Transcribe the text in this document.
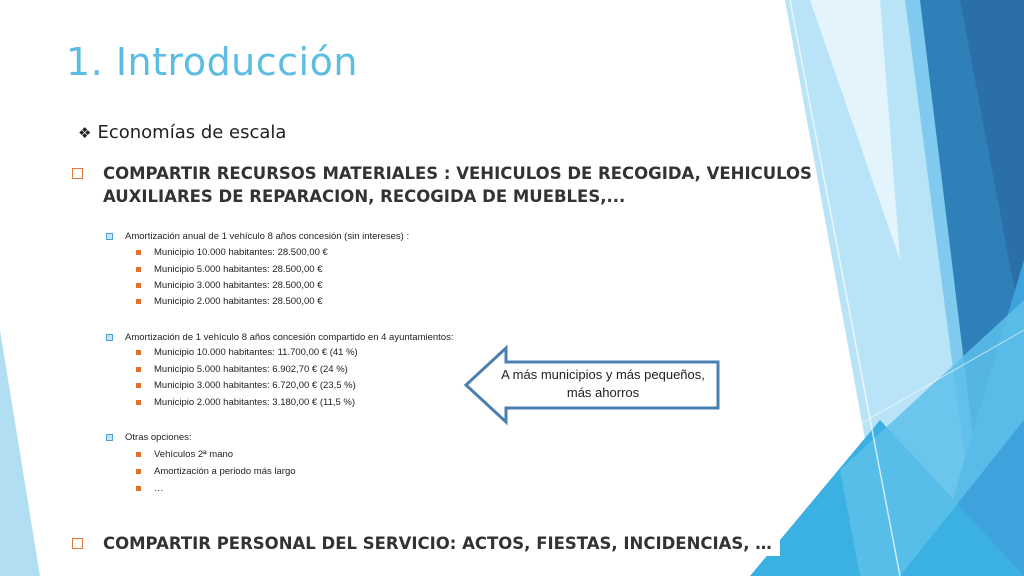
1. Introducción
❖ Economías de escala
COMPARTIR RECURSOS MATERIALES : VEHICULOS DE RECOGIDA, VEHICULOS
AUXILIARES DE REPARACION, RECOGIDA DE MUEBLES,...
Amortización anual de 1 vehículo 8 años concesión (sin intereses) :
Municipio 10.000 habitantes: 28.500,00 €
Municipio 5.000 habitantes: 28.500,00 €
Municipio 3.000 habitantes: 28.500,00 €
Municipio 2.000 habitantes: 28.500,00 €
Amortización de 1 vehículo 8 años concesión compartido en 4 ayuntamientos:
Municipio 10.000 habitantes: 11.700,00 € (41 %)
Municipio 5.000 habitantes: 6.902,70 € (24 %)
Municipio 3.000 habitantes: 6.720,00 € (23,5 %)
Municipio 2.000 habitantes: 3.180,00 € (11,5 %)
Otras opciones:
Vehículos 2ª mano
Amortización a periodo más largo
…
A más municipios y más pequeños,
más ahorros
COMPARTIR PERSONAL DEL SERVICIO: ACTOS, FIESTAS, INCIDENCIAS, …
